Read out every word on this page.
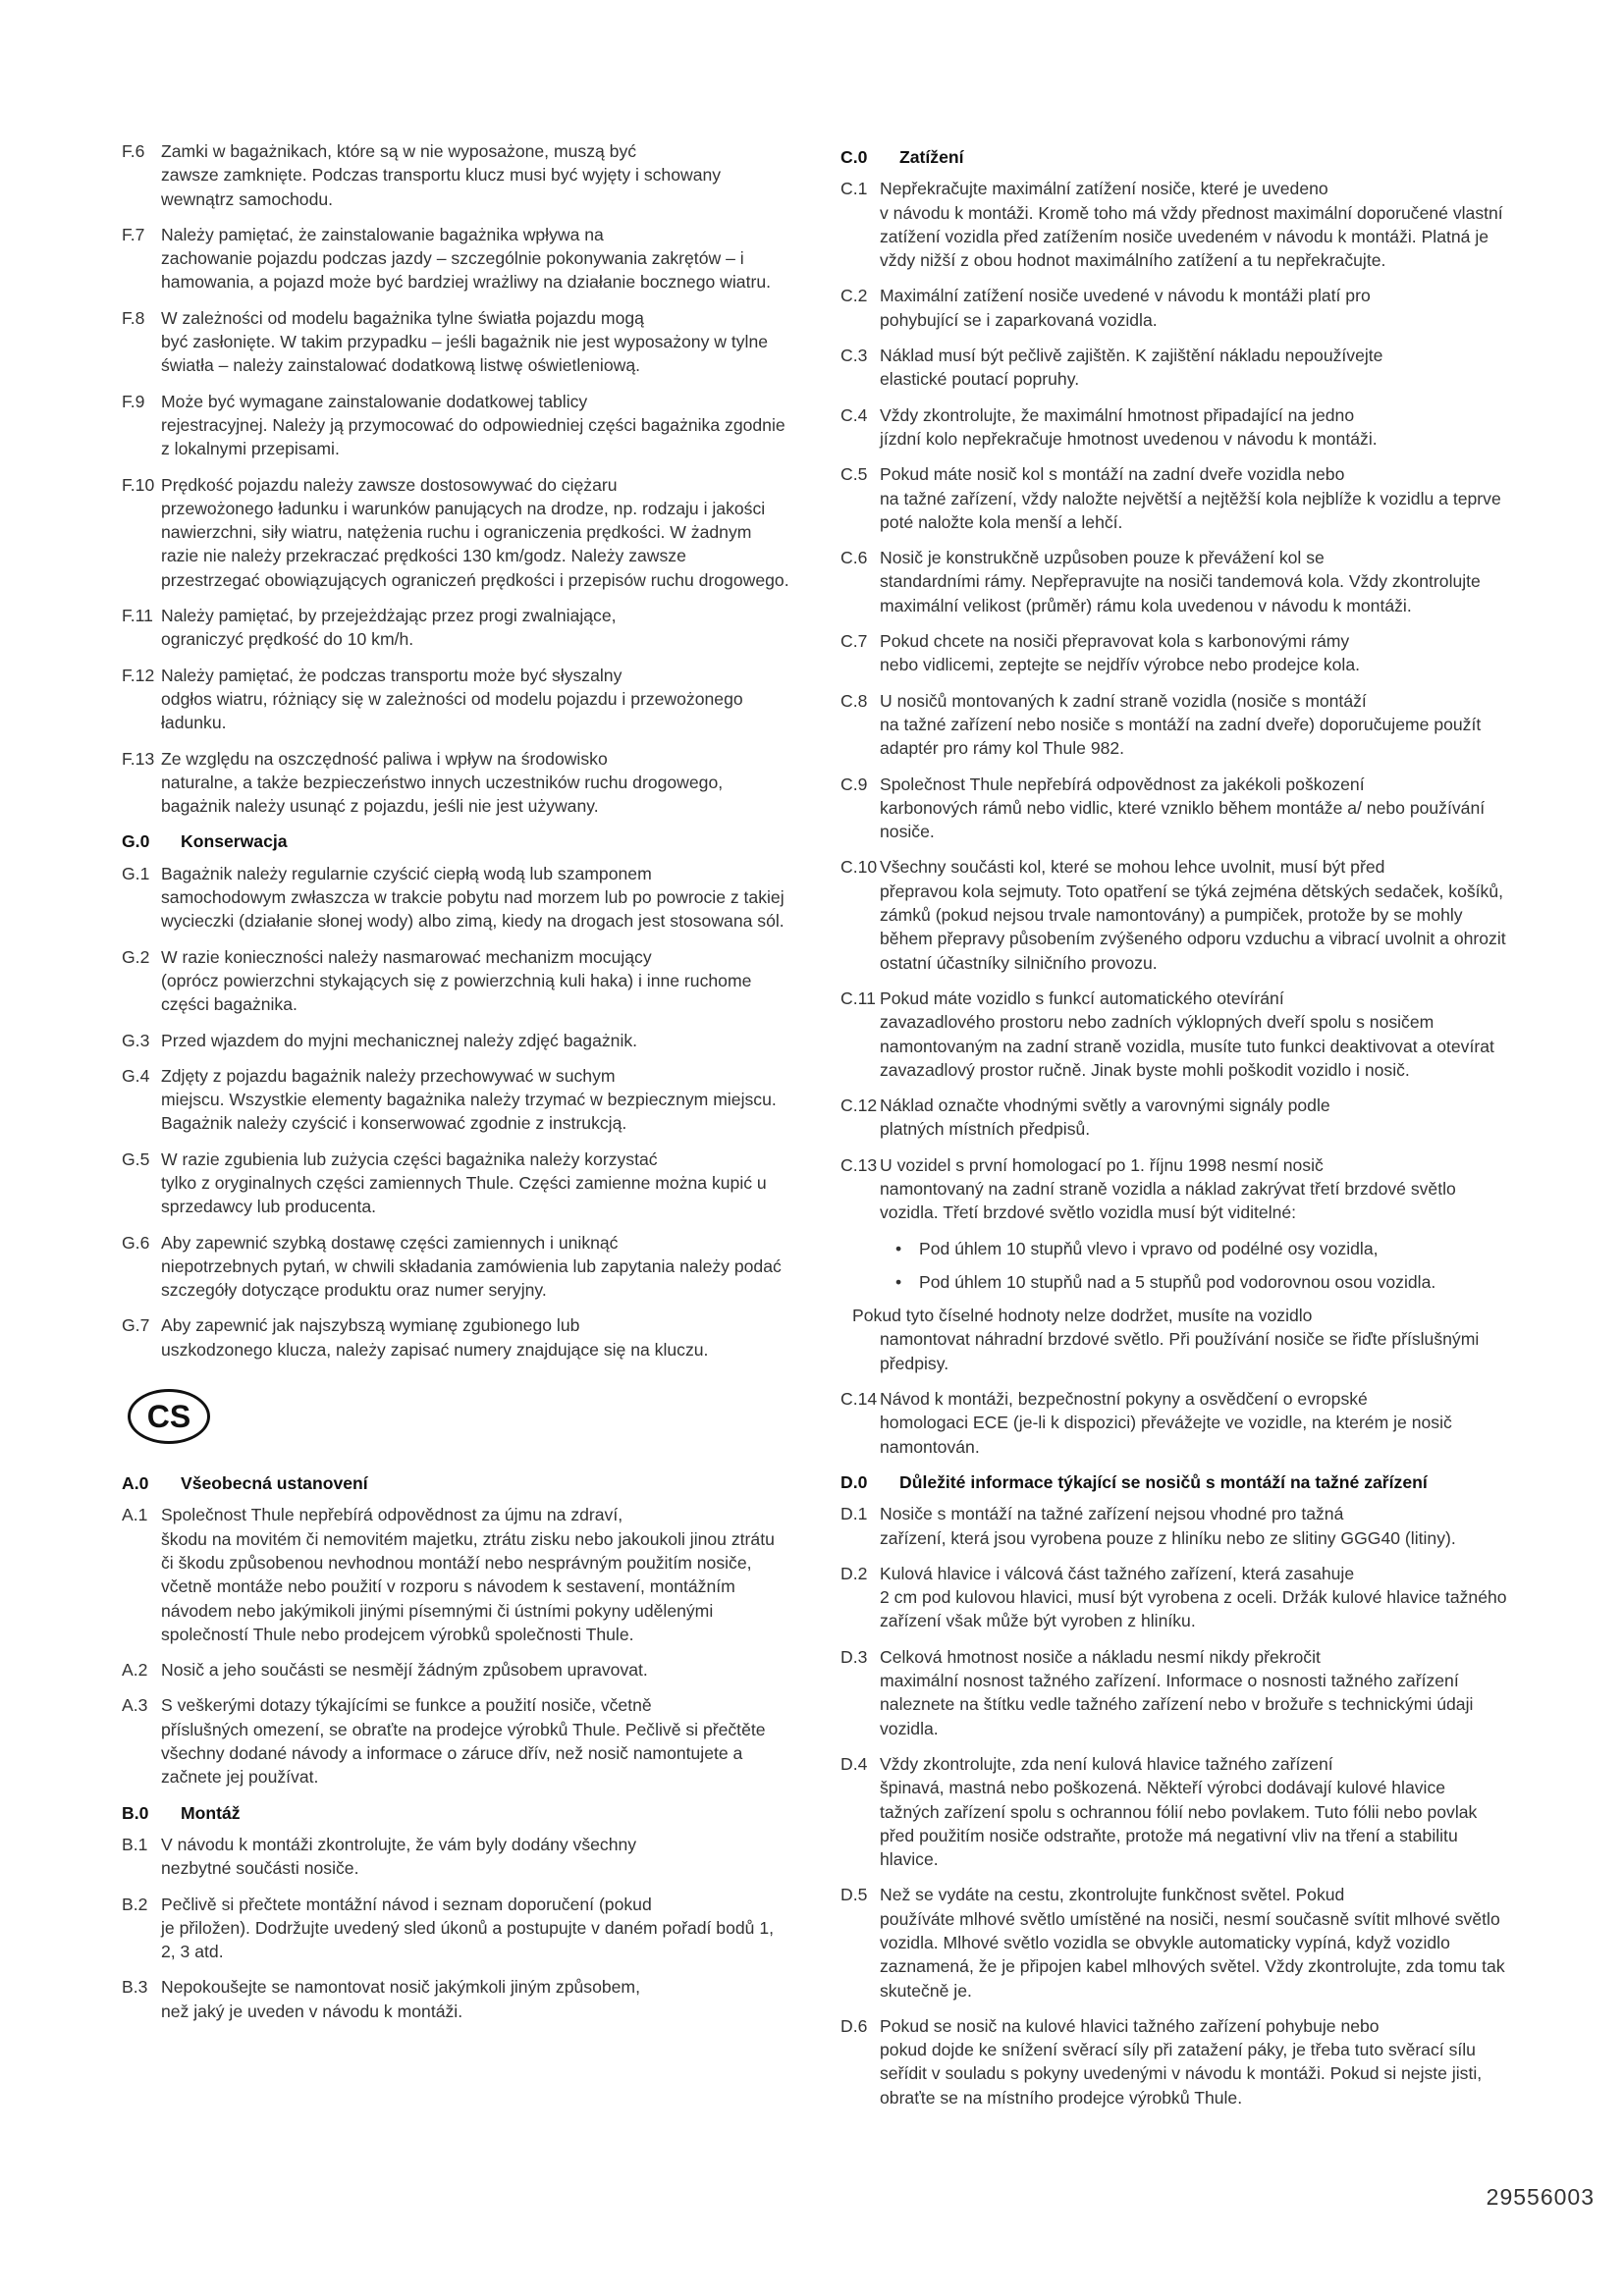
F.6 Zamki w bagażnikach, które są w nie wyposażone, muszą być
zawsze zamknięte. Podczas transportu klucz musi być wyjęty i schowany wewnątrz samochodu.
F.7 Należy pamiętać, że zainstalowanie bagażnika wpływa na
zachowanie pojazdu podczas jazdy – szczególnie pokonywania zakrętów – i hamowania, a pojazd może być bardziej wrażliwy na działanie bocznego wiatru.
F.8 W zależności od modelu bagażnika tylne światła pojazdu mogą
być zasłonięte. W takim przypadku – jeśli bagażnik nie jest wyposażony w tylne światła – należy zainstalować dodatkową listwę oświetleniową.
F.9 Może być wymagane zainstalowanie dodatkowej tablicy
rejestracyjnej. Należy ją przymocować do odpowiedniej części bagażnika zgodnie z lokalnymi przepisami.
F.10 Prędkość pojazdu należy zawsze dostosowywać do ciężaru
przewożonego ładunku i warunków panujących na drodze, np. rodzaju i jakości nawierzchni, siły wiatru, natężenia ruchu i ograniczenia prędkości. W żadnym razie nie należy przekraczać prędkości 130 km/godz. Należy zawsze przestrzegać obowiązujących ograniczeń prędkości i przepisów ruchu drogowego.
F.11 Należy pamiętać, by przejeżdżając przez progi zwalniające,
ograniczyć prędkość do 10 km/h.
F.12 Należy pamiętać, że podczas transportu może być słyszalny
odgłos wiatru, różniący się w zależności od modelu pojazdu i przewożonego ładunku.
F.13 Ze względu na oszczędność paliwa i wpływ na środowisko
naturalne, a także bezpieczeństwo innych uczestników ruchu drogowego, bagażnik należy usunąć z pojazdu, jeśli nie jest używany.
G.0 Konserwacja
G.1 Bagażnik należy regularnie czyścić ciepłą wodą lub szamponem
samochodowym zwłaszcza w trakcie pobytu nad morzem lub po powrocie z takiej wycieczki (działanie słonej wody) albo zimą, kiedy na drogach jest stosowana sól.
G.2 W razie konieczności należy nasmarować mechanizm mocujący
(oprócz powierzchni stykających się z powierzchnią kuli haka) i inne ruchome części bagażnika.
G.3 Przed wjazdem do myjni mechanicznej należy zdjęć bagażnik.
G.4 Zdjęty z pojazdu bagażnik należy przechowywać w suchym
miejscu. Wszystkie elementy bagażnika należy trzymać w bezpiecznym miejscu. Bagażnik należy czyścić i konserwować zgodnie z instrukcją.
G.5 W razie zgubienia lub zużycia części bagażnika należy korzystać
tylko z oryginalnych części zamiennych Thule. Części zamienne można kupić u sprzedawcy lub producenta.
G.6 Aby zapewnić szybką dostawę części zamiennych i uniknąć
niepotrzebnych pytań, w chwili składania zamówienia lub zapytania należy podać szczegóły dotyczące produktu oraz numer seryjny.
G.7 Aby zapewnić jak najszybszą wymianę zgubionego lub
uszkodzonego klucza, należy zapisać numery znajdujące się na kluczu.
CS
A.0 Všeobecná ustanovení
A.1 Společnost Thule nepřebírá odpovědnost za újmu na zdraví,
škodu na movitém či nemovitém majetku, ztrátu zisku nebo jakoukoli jinou ztrátu či škodu způsobenou nevhodnou montáží nebo nesprávným použitím nosiče, včetně montáže nebo použití v rozporu s návodem k sestavení, montážním návodem nebo jakýmikoli jinými písemnými či ústními pokyny udělenými společností Thule nebo prodejcem výrobků společnosti Thule.
A.2 Nosič a jeho součásti se nesmějí žádným způsobem upravovat.
A.3 S veškerými dotazy týkajícími se funkce a použití nosiče, včetně
příslušných omezení, se obraťte na prodejce výrobků Thule. Pečlivě si přečtěte všechny dodané návody a informace o záruce dřív, než nosič namontujete a začnete jej používat.
B.0 Montáž
B.1 V návodu k montáži zkontrolujte, že vám byly dodány všechny
nezbytné součásti nosiče.
B.2 Pečlivě si přečtete montážní návod i seznam doporučení (pokud
je přiložen). Dodržujte uvedený sled úkonů a postupujte v daném pořadí bodů 1, 2, 3 atd.
B.3 Nepokoušejte se namontovat nosič jakýmkoli jiným způsobem,
než jaký je uveden v návodu k montáži.
C.0 Zatížení
C.1 Nepřekračujte maximální zatížení nosiče, které je uvedeno
v návodu k montáži. Kromě toho má vždy přednost maximální doporučené vlastní zatížení vozidla před zatížením nosiče uvedeném v návodu k montáži. Platná je vždy nižší z obou hodnot maximálního zatížení a tu nepřekračujte.
C.2 Maximální zatížení nosiče uvedené v návodu k montáži platí pro
pohybující se i zaparkovaná vozidla.
C.3 Náklad musí být pečlivě zajištěn. K zajištění nákladu nepoužívejte
elastické poutací popruhy.
C.4 Vždy zkontrolujte, že maximální hmotnost připadající na jedno
jízdní kolo nepřekračuje hmotnost uvedenou v návodu k montáži.
C.5 Pokud máte nosič kol s montáží na zadní dveře vozidla nebo
na tažné zařízení, vždy naložte největší a nejtěžší kola nejblíže k vozidlu a teprve poté naložte kola menší a lehčí.
C.6 Nosič je konstrukčně uzpůsoben pouze k převážení kol se
standardními rámy. Nepřepravujte na nosiči tandemová kola. Vždy zkontrolujte maximální velikost (průměr) rámu kola uvedenou v návodu k montáži.
C.7 Pokud chcete na nosiči přepravovat kola s karbonovými rámy
nebo vidlicemi, zeptejte se nejdřív výrobce nebo prodejce kola.
C.8 U nosičů montovaných k zadní straně vozidla (nosiče s montáží
na tažné zařízení nebo nosiče s montáží na zadní dveře) doporučujeme použít adaptér pro rámy kol Thule 982.
C.9 Společnost Thule nepřebírá odpovědnost za jakékoli poškození
karbonových rámů nebo vidlic, které vzniklo během montáže a/ nebo používání nosiče.
C.10 Všechny součásti kol, které se mohou lehce uvolnit, musí být před
přepravou kola sejmuty. Toto opatření se týká zejména dětských sedaček, košíků, zámků (pokud nejsou trvale namontovány) a pumpiček, protože by se mohly během přepravy působením zvýšeného odporu vzduchu a vibrací uvolnit a ohrozit ostatní účastníky silničního provozu.
C.11 Pokud máte vozidlo s funkcí automatického otevírání
zavazadlového prostoru nebo zadních výklopných dveří spolu s nosičem namontovaným na zadní straně vozidla, musíte tuto funkci deaktivovat a otevírat zavazadlový prostor ručně. Jinak byste mohli poškodit vozidlo i nosič.
C.12 Náklad označte vhodnými světly a varovnými signály podle
platných místních předpisů.
C.13 U vozidel s první homologací po 1. říjnu 1998 nesmí nosič
namontovaný na zadní straně vozidla a náklad zakrývat třetí brzdové světlo vozidla. Třetí brzdové světlo vozidla musí být viditelné:
• Pod úhlem 10 stupňů vlevo i vpravo od podélné osy vozidla,
• Pod úhlem 10 stupňů nad a 5 stupňů pod vodorovnou osou vozidla.
Pokud tyto číselné hodnoty nelze dodržet, musíte na vozidlo
namontovat náhradní brzdové světlo. Při používání nosiče se řiďte příslušnými předpisy.
C.14 Návod k montáži, bezpečnostní pokyny a osvědčení o evropské
homologaci ECE (je-li k dispozici) převážejte ve vozidle, na kterém je nosič namontován.
D.0 Důležité informace týkající se nosičů s montáží na tažné zařízení
D.1 Nosiče s montáží na tažné zařízení nejsou vhodné pro tažná
zařízení, která jsou vyrobena pouze z hliníku nebo ze slitiny GGG40 (litiny).
D.2 Kulová hlavice i válcová část tažného zařízení, která zasahuje
2 cm pod kulovou hlavici, musí být vyrobena z oceli. Držák kulové hlavice tažného zařízení však může být vyroben z hliníku.
D.3 Celková hmotnost nosiče a nákladu nesmí nikdy překročit
maximální nosnost tažného zařízení. Informace o nosnosti tažného zařízení naleznete na štítku vedle tažného zařízení nebo v brožuře s technickými údaji vozidla.
D.4 Vždy zkontrolujte, zda není kulová hlavice tažného zařízení
špinavá, mastná nebo poškozená. Někteří výrobci dodávají kulové hlavice tažných zařízení spolu s ochrannou fólií nebo povlakem. Tuto fólii nebo povlak před použitím nosiče odstraňte, protože má negativní vliv na tření a stabilitu hlavice.
D.5 Než se vydáte na cestu, zkontrolujte funkčnost světel. Pokud
používáte mlhové světlo umístěné na nosiči, nesmí současně svítit mlhové světlo vozidla. Mlhové světlo vozidla se obvykle automaticky vypíná, když vozidlo zaznamená, že je připojen kabel mlhových světel. Vždy zkontrolujte, zda tomu tak skutečně je.
D.6 Pokud se nosič na kulové hlavici tažného zařízení pohybuje nebo
pokud dojde ke snížení svěrací síly při zatažení páky, je třeba tuto svěrací sílu seřídit v souladu s pokyny uvedenými v návodu k montáži. Pokud si nejste jisti, obraťte se na místního prodejce výrobků Thule.
29556003
